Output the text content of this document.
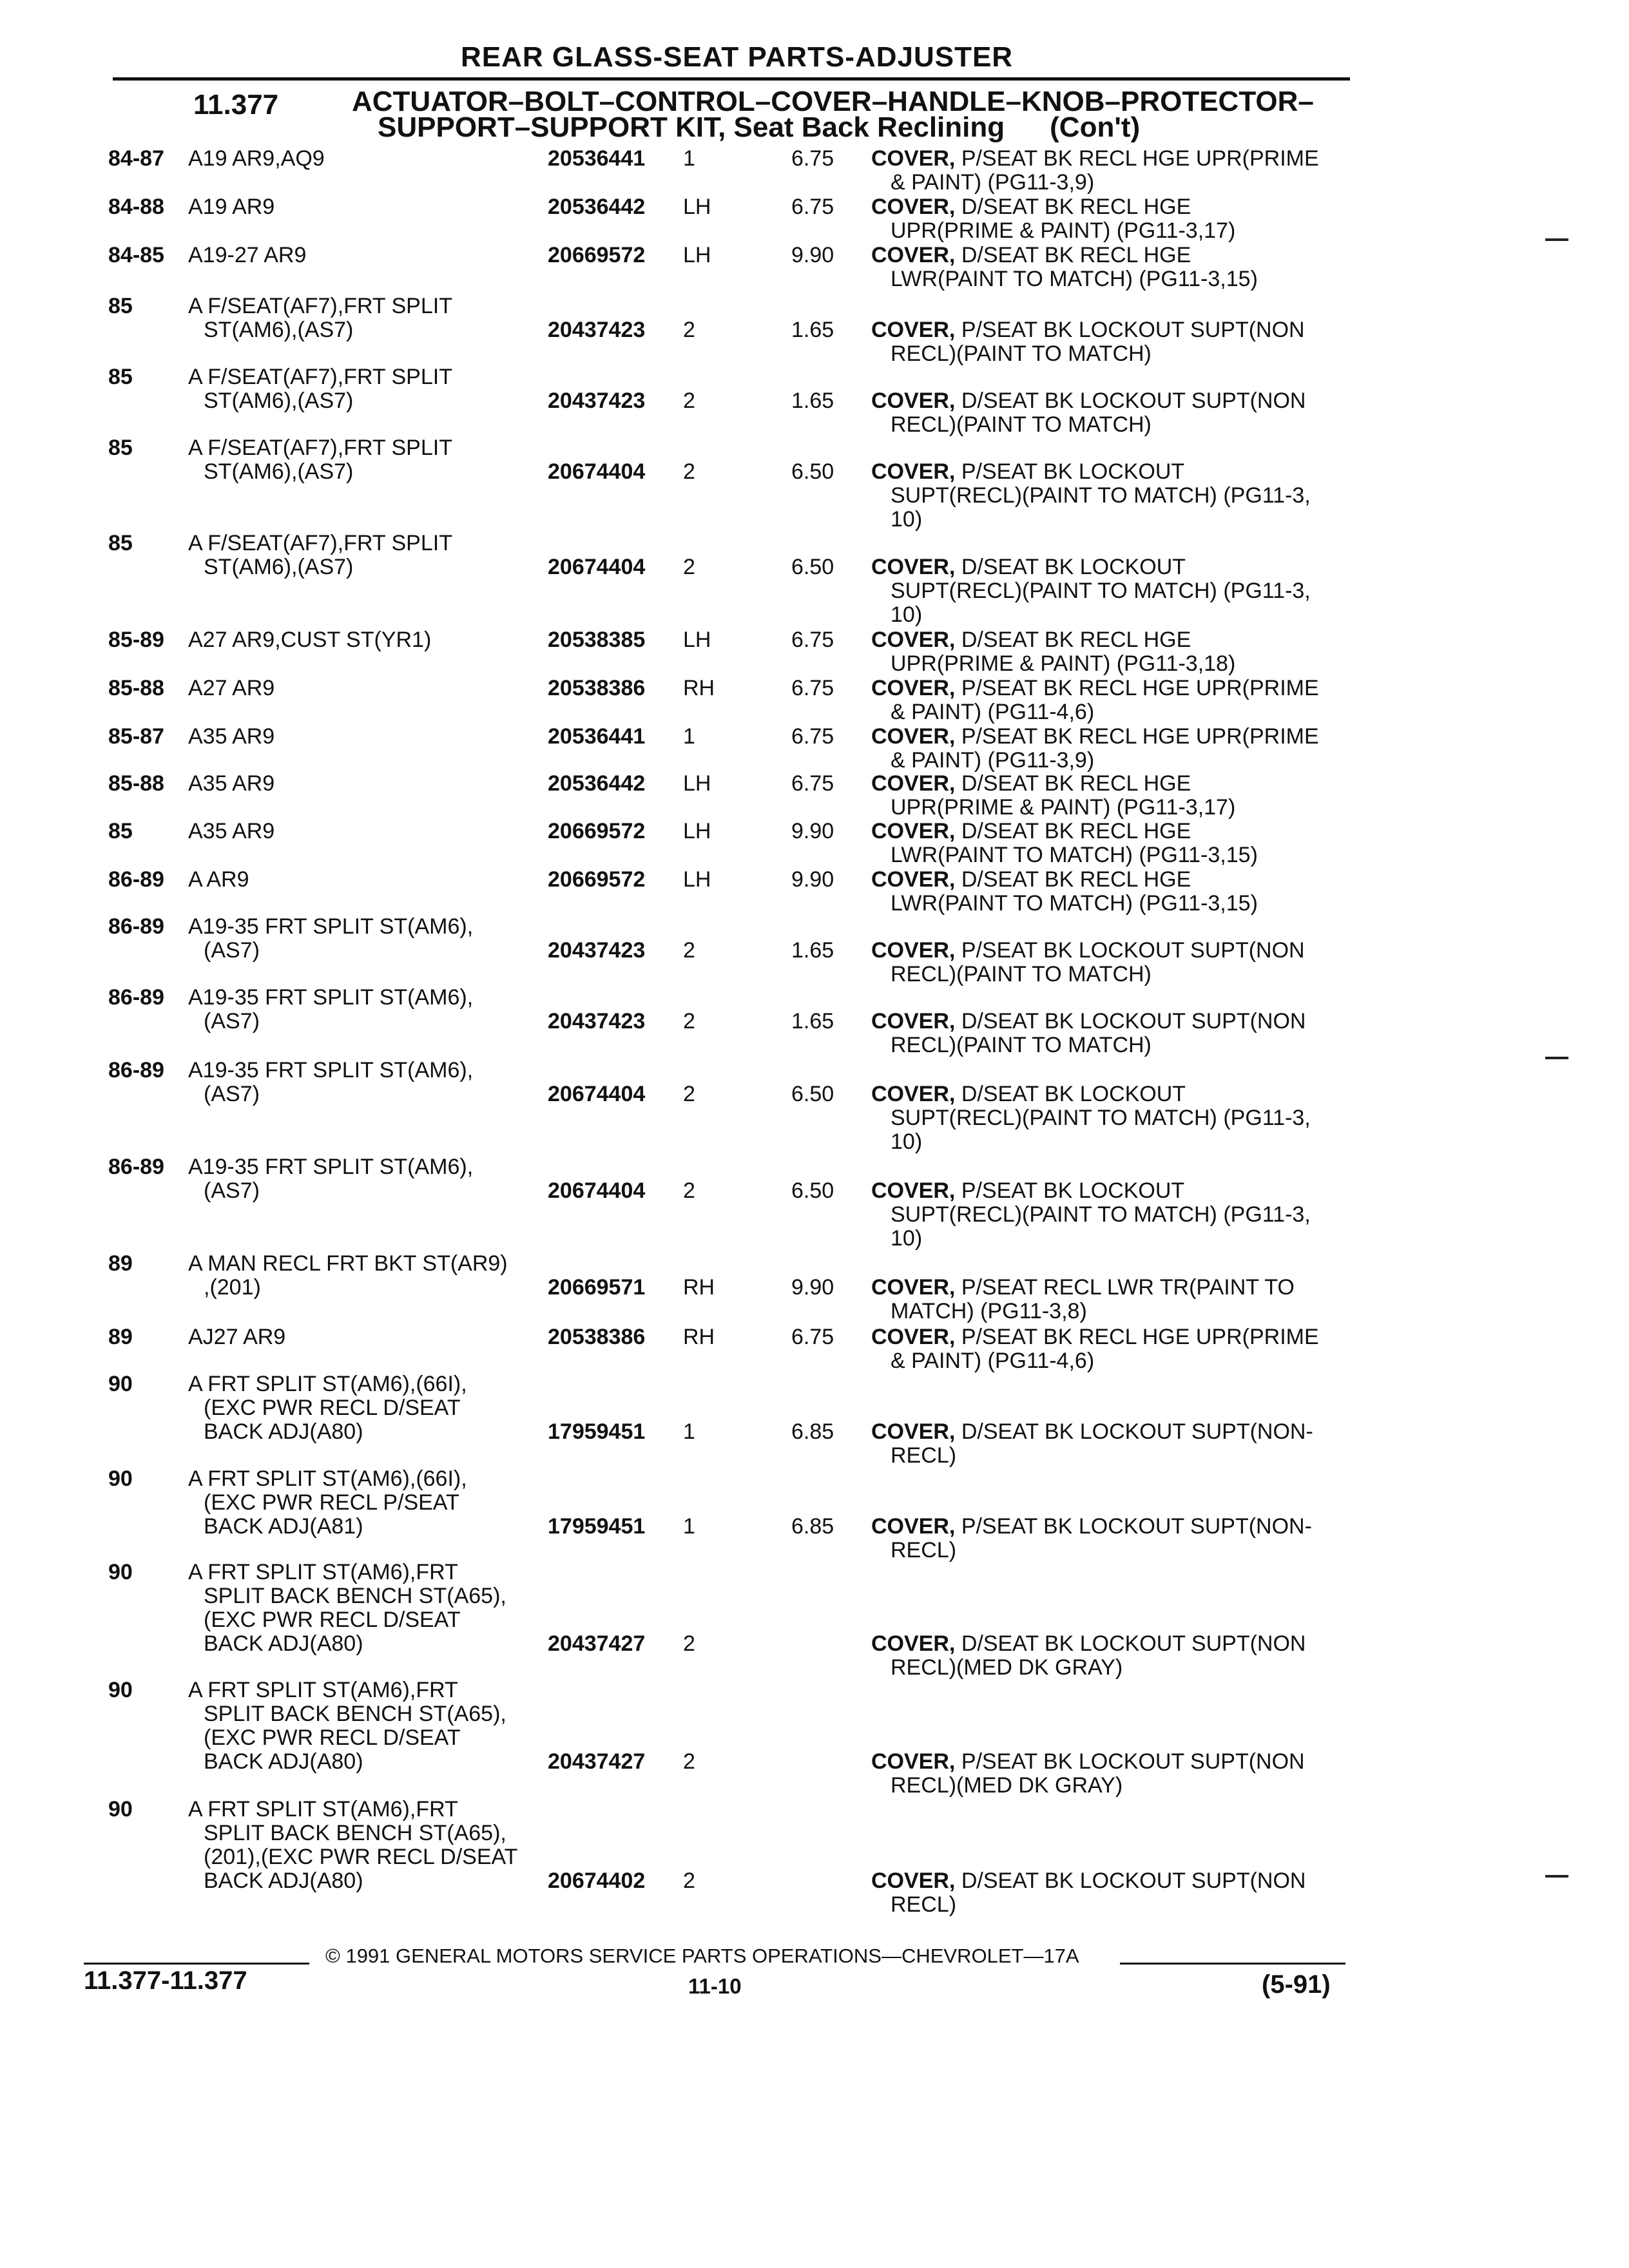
REAR GLASS-SEAT PARTS-ADJUSTER
11.377	ACTUATOR–BOLT–CONTROL–COVER–HANDLE–KNOB–PROTECTOR–
SUPPORT–SUPPORT KIT, Seat Back Reclining (Con't)
84-87 A19 AR9,AQ9	20536441 1	6.75 COVER, P/SEAT BK RECL HGE UPR(PRIME
& PAINT) (PG11-3,9)
84-88 A19 AR9	20536442 LH	6.75 COVER, D/SEAT BK RECL HGE
UPR(PRIME & PAINT) (PG11-3,17)
84-85 A19-27 AR9	20669572 LH	9.90 COVER, D/SEAT BK RECL HGE
LWR(PAINT TO MATCH) (PG11-3,15)
85	A F/SEAT(AF7),FRT SPLIT
ST(AM6),(AS7)	20437423 2	1.65 COVER, P/SEAT BK LOCKOUT SUPT(NON
RECL)(PAINT TO MATCH)
85	A F/SEAT(AF7),FRT SPLIT
ST(AM6),(AS7)	20437423 2	1.65 COVER, D/SEAT BK LOCKOUT SUPT(NON
RECL)(PAINT TO MATCH)
85	A F/SEAT(AF7),FRT SPLIT
ST(AM6),(AS7)	20674404 2	6.50 COVER, P/SEAT BK LOCKOUT
SUPT(RECL)(PAINT TO MATCH) (PG11-3,
10)
85	A F/SEAT(AF7),FRT SPLIT
ST(AM6),(AS7)	20674404 2	6.50 COVER, D/SEAT BK LOCKOUT
SUPT(RECL)(PAINT TO MATCH) (PG11-3,
10)
85-89 A27 AR9,CUST ST(YR1)	20538385 LH	6.75 COVER, D/SEAT BK RECL HGE
UPR(PRIME & PAINT) (PG11-3,18)
85-88 A27 AR9	20538386 RH	6.75 COVER, P/SEAT BK RECL HGE UPR(PRIME
& PAINT) (PG11-4,6)
85-87 A35 AR9	20536441 1	6.75 COVER, P/SEAT BK RECL HGE UPR(PRIME
& PAINT) (PG11-3,9)
85-88 A35 AR9	20536442 LH	6.75 COVER, D/SEAT BK RECL HGE
UPR(PRIME & PAINT) (PG11-3,17)
85	A35 AR9	20669572 LH	9.90 COVER, D/SEAT BK RECL HGE
LWR(PAINT TO MATCH) (PG11-3,15)
86-89 A AR9	20669572 LH	9.90 COVER, D/SEAT BK RECL HGE
LWR(PAINT TO MATCH) (PG11-3,15)
86-89 A19-35 FRT SPLIT ST(AM6),
(AS7)	20437423 2	1.65 COVER, P/SEAT BK LOCKOUT SUPT(NON
RECL)(PAINT TO MATCH)
86-89 A19-35 FRT SPLIT ST(AM6),
(AS7)	20437423 2	1.65 COVER, D/SEAT BK LOCKOUT SUPT(NON
RECL)(PAINT TO MATCH)
86-89 A19-35 FRT SPLIT ST(AM6),
(AS7)	20674404 2	6.50 COVER, D/SEAT BK LOCKOUT
SUPT(RECL)(PAINT TO MATCH) (PG11-3,
10)
86-89 A19-35 FRT SPLIT ST(AM6),
(AS7)	20674404 2	6.50 COVER, P/SEAT BK LOCKOUT
SUPT(RECL)(PAINT TO MATCH) (PG11-3,
10)
89	A MAN RECL FRT BKT ST(AR9)
,(201)	20669571 RH	9.90 COVER, P/SEAT RECL LWR TR(PAINT TO
MATCH) (PG11-3,8)
89	AJ27 AR9	20538386 RH	6.75 COVER, P/SEAT BK RECL HGE UPR(PRIME
& PAINT) (PG11-4,6)
90	A FRT SPLIT ST(AM6),(66I),
(EXC PWR RECL D/SEAT
BACK ADJ(A80)	17959451 1	6.85 COVER, D/SEAT BK LOCKOUT SUPT(NON-
RECL)
90	A FRT SPLIT ST(AM6),(66I),
(EXC PWR RECL P/SEAT
BACK ADJ(A81)	17959451 1	6.85 COVER, P/SEAT BK LOCKOUT SUPT(NON-
RECL)
90	A FRT SPLIT ST(AM6),FRT
SPLIT BACK BENCH ST(A65),
(EXC PWR RECL D/SEAT
BACK ADJ(A80)	20437427 2	COVER, D/SEAT BK LOCKOUT SUPT(NON
RECL)(MED DK GRAY)
90	A FRT SPLIT ST(AM6),FRT
SPLIT BACK BENCH ST(A65),
(EXC PWR RECL D/SEAT
BACK ADJ(A80)	20437427 2	COVER, P/SEAT BK LOCKOUT SUPT(NON
RECL)(MED DK GRAY)
90	A FRT SPLIT ST(AM6),FRT
SPLIT BACK BENCH ST(A65),
(201),(EXC PWR RECL D/SEAT
BACK ADJ(A80)	20674402 2	COVER, D/SEAT BK LOCKOUT SUPT(NON
RECL)
© 1991 GENERAL MOTORS SERVICE PARTS OPERATIONS—CHEVROLET—17A
11.377-11.377	11-10	(5-91)
